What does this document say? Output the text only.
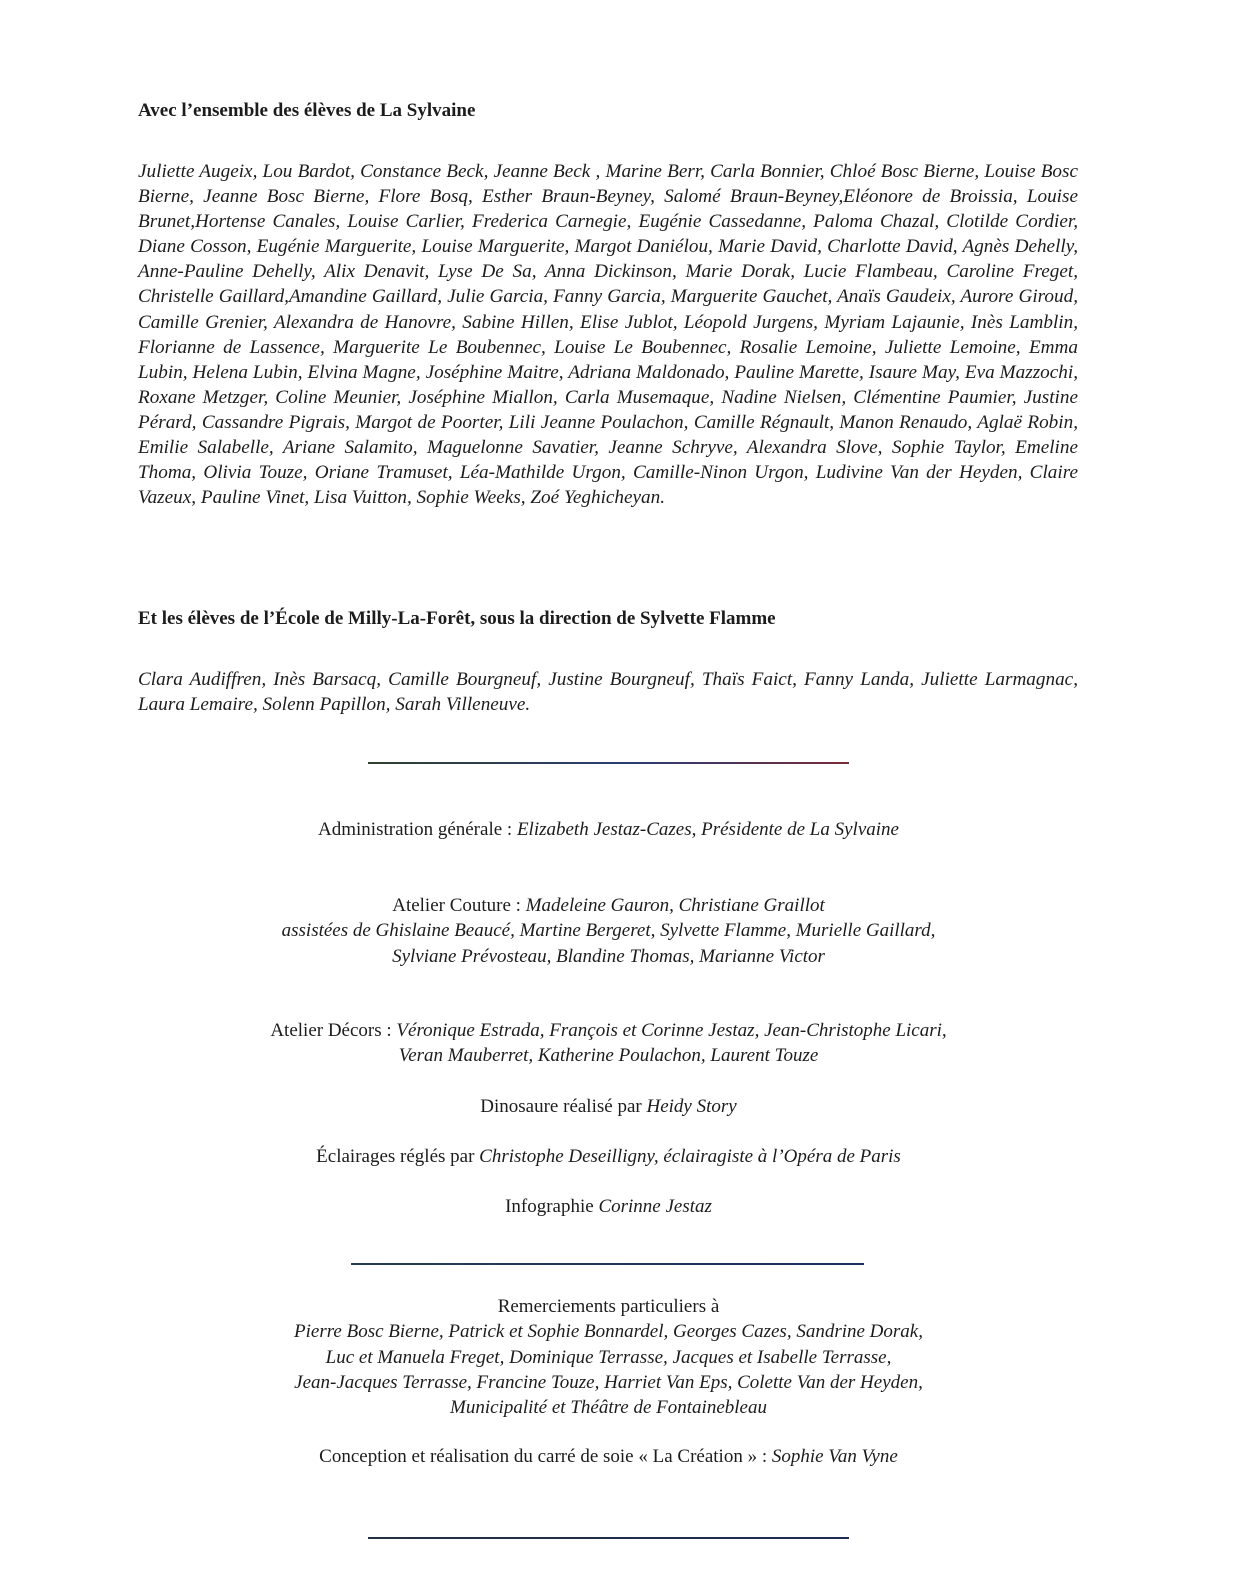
Avec l’ensemble des élèves de La Sylvaine
Juliette Augeix, Lou Bardot, Constance Beck, Jeanne Beck , Marine Berr, Carla Bonnier, Chloé Bosc Bierne, Louise Bosc Bierne, Jeanne Bosc Bierne, Flore Bosq, Esther Braun-Beyney, Salomé Braun-Beyney,Eléonore de Broissia, Louise Brunet,Hortense Canales, Louise Carlier, Frederica Carnegie, Eugénie Cassedanne, Paloma Chazal, Clotilde Cordier, Diane Cosson, Eugénie Marguerite, Louise Marguerite, Margot Daniélou, Marie David, Charlotte David, Agnès Dehelly, Anne-Pauline Dehelly, Alix Denavit, Lyse De Sa, Anna Dickinson, Marie Dorak, Lucie Flambeau, Caroline Freget, Christelle Gaillard,Amandine Gaillard, Julie Garcia, Fanny Garcia, Marguerite Gauchet, Anaïs Gaudeix, Aurore Giroud, Camille Grenier, Alexandra de Hanovre, Sabine Hillen, Elise Jublot, Léopold Jurgens, Myriam Lajaunie, Inès Lamblin, Florianne de Lassence, Marguerite Le Boubennec, Louise Le Boubennec, Rosalie Lemoine, Juliette Lemoine, Emma Lubin, Helena Lubin, Elvina Magne, Joséphine Maitre, Adriana Maldonado, Pauline Marette, Isaure May, Eva Mazzochi, Roxane Metzger, Coline Meunier, Joséphine Miallon, Carla Musemaque, Nadine Nielsen, Clémentine Paumier, Justine Pérard, Cassandre Pigrais, Margot de Poorter, Lili Jeanne Poulachon, Camille Régnault, Manon Renaudo, Aglaë Robin, Emilie Salabelle, Ariane Salamito, Maguelonne Savatier, Jeanne Schryve, Alexandra Slove, Sophie Taylor, Emeline Thoma, Olivia Touze, Oriane Tramuset, Léa-Mathilde Urgon, Camille-Ninon Urgon, Ludivine Van der Heyden, Claire Vazeux, Pauline Vinet, Lisa Vuitton, Sophie Weeks, Zoé Yeghicheyan.
Et les élèves de l’École de Milly-La-Forêt, sous la direction de Sylvette Flamme
Clara Audiffren, Inès Barsacq, Camille Bourgneuf, Justine Bourgneuf, Thaïs Faict, Fanny Landa, Juliette Larmagnac, Laura Lemaire, Solenn Papillon, Sarah Villeneuve.
Administration générale : Elizabeth Jestaz-Cazes, Présidente de La Sylvaine
Atelier Couture : Madeleine Gauron, Christiane Graillot
assistées de Ghislaine Beaucé, Martine Bergeret, Sylvette Flamme, Murielle Gaillard,
Sylviane Prévosteau, Blandine Thomas, Marianne Victor
Atelier Décors : Véronique Estrada, François et Corinne Jestaz, Jean-Christophe Licari,
Veran Mauberret, Katherine Poulachon, Laurent Touze
Dinosaure réalisé par Heidy Story
Éclairages réglés par Christophe Deseilligny, éclairagiste à l’Opéra de Paris
Infographie Corinne Jestaz
Remerciements particuliers à
Pierre Bosc Bierne, Patrick et Sophie Bonnardel, Georges Cazes, Sandrine Dorak,
Luc et Manuela Freget, Dominique Terrasse, Jacques et Isabelle Terrasse,
Jean-Jacques Terrasse, Francine Touze, Harriet Van Eps, Colette Van der Heyden,
Municipalité et Théâtre de Fontainebleau
Conception et réalisation du carré de soie « La Création » : Sophie Van Vyne
